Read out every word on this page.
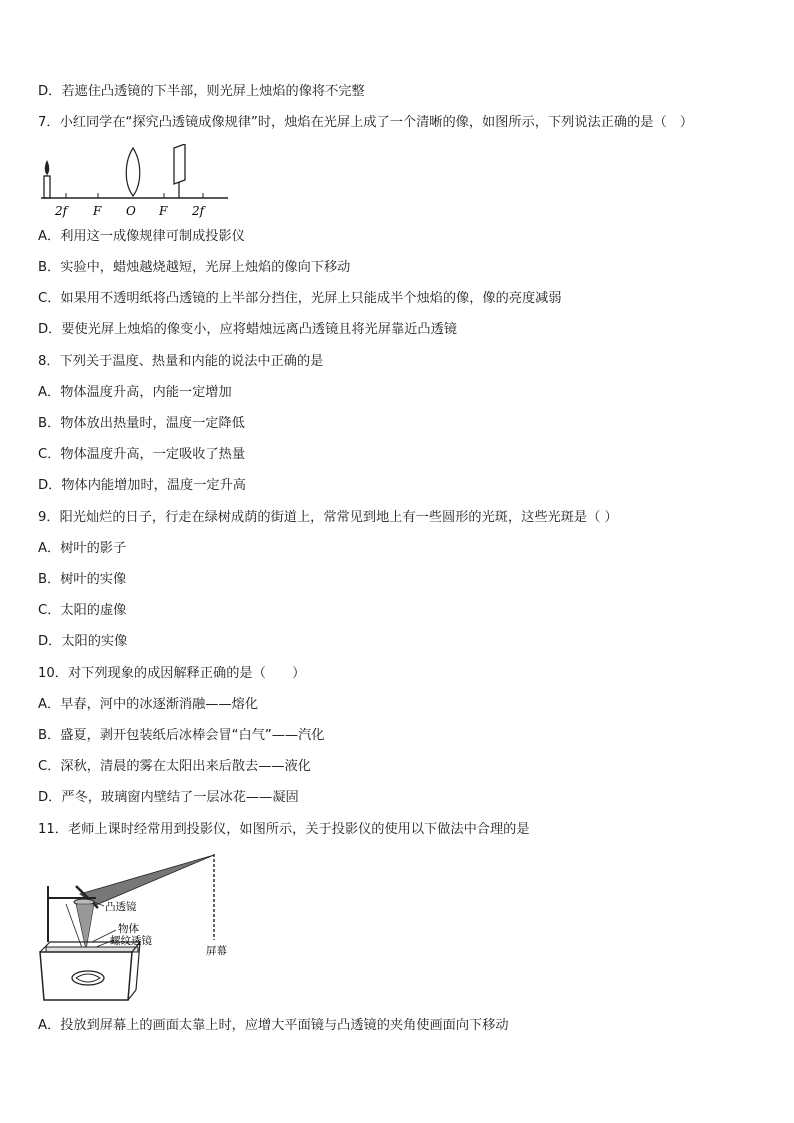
D．若遮住凸透镜的下半部，则光屏上烛焰的像将不完整
7．小红同学在“探究凸透镜成像规律”时，烛焰在光屏上成了一个清晰的像，如图所示，下列说法正确的是（　）
2f F O F 2f
A．利用这一成像规律可制成投影仪
B．实验中，蜡烛越烧越短，光屏上烛焰的像向下移动
C．如果用不透明纸将凸透镜的上半部分挡住，光屏上只能成半个烛焰的像，像的亮度减弱
D．要使光屏上烛焰的像变小，应将蜡烛远离凸透镜且将光屏靠近凸透镜
8．下列关于温度、热量和内能的说法中正确的是
A．物体温度升高，内能一定增加
B．物体放出热量时，温度一定降低
C．物体温度升高，一定吸收了热量
D．物体内能增加时，温度一定升高
9．阳光灿烂的日子，行走在绿树成荫的街道上，常常见到地上有一些圆形的光斑，这些光斑是（ ）
A．树叶的影子
B．树叶的实像
C．太阳的虚像
D．太阳的实像
10．对下列现象的成因解释正确的是（　　）
A．早春，河中的冰逐渐消融——熔化
B．盛夏，剥开包装纸后冰棒会冒“白气”——汽化
C．深秋，清晨的雾在太阳出来后散去——液化
D．严冬，玻璃窗内壁结了一层冰花——凝固
11．老师上课时经常用到投影仪，如图所示，关于投影仪的使用以下做法中合理的是
凸透镜
物体
螺纹透镜
屏幕
A．投放到屏幕上的画面太靠上时，应增大平面镜与凸透镜的夹角使画面向下移动
